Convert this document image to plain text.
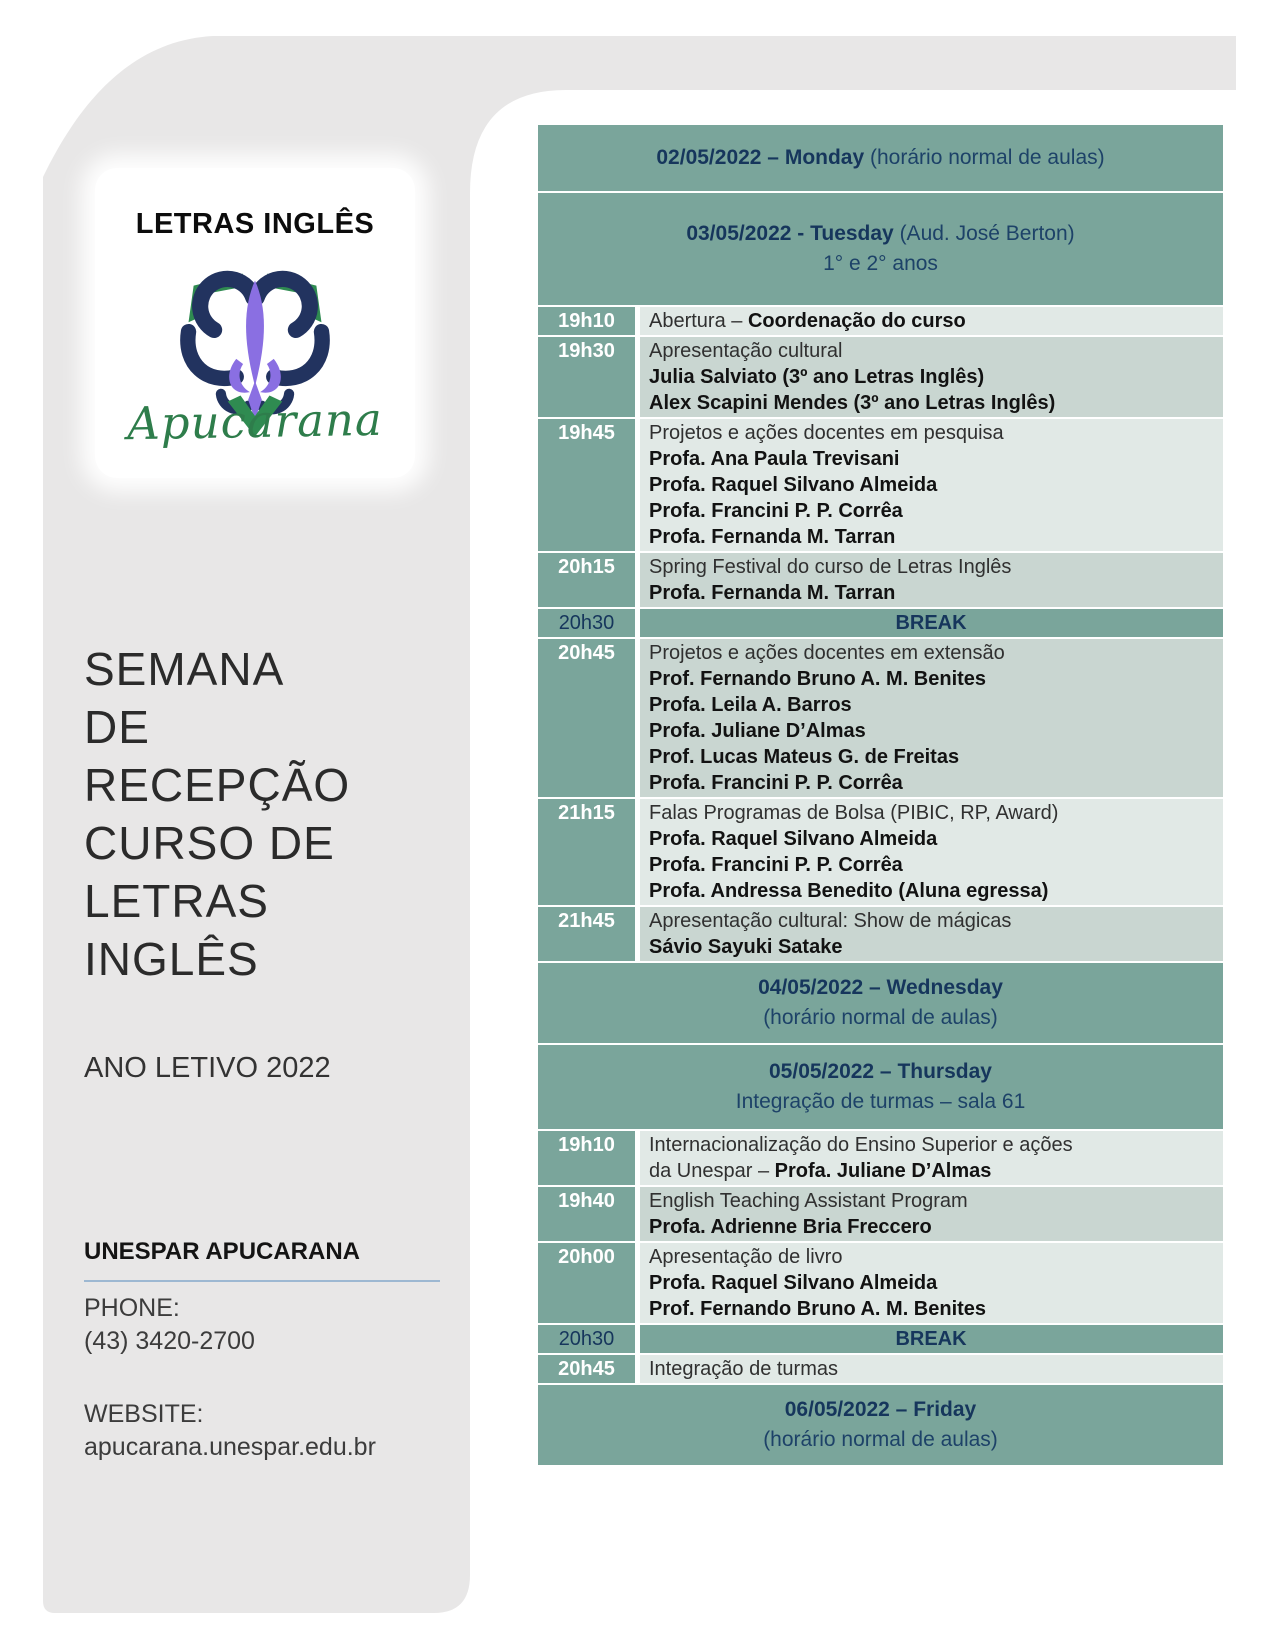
LETRAS INGLÊS
Apucarana
SEMANA
DE
RECEPÇÃO
CURSO DE
LETRAS
INGLÊS
ANO LETIVO 2022
UNESPAR APUCARANA
PHONE:
(43) 3420-2700
WEBSITE:
apucarana.unespar.edu.br
02/05/2022 – Monday (horário normal de aulas)
03/05/2022 - Tuesday (Aud. José Berton)
1° e 2° anos
19h10	Abertura – Coordenação do curso
19h30	Apresentação cultural
Julia Salviato (3º ano Letras Inglês)
Alex Scapini Mendes (3º ano Letras Inglês)
19h45	Projetos e ações docentes em pesquisa
Profa. Ana Paula Trevisani
Profa. Raquel Silvano Almeida
Profa. Francini P. P. Corrêa
Profa. Fernanda M. Tarran
20h15	Spring Festival do curso de Letras Inglês
Profa. Fernanda M. Tarran
20h30	BREAK
20h45	Projetos e ações docentes em extensão
Prof. Fernando Bruno A. M. Benites
Profa. Leila A. Barros
Profa. Juliane D’Almas
Prof. Lucas Mateus G. de Freitas
Profa. Francini P. P. Corrêa
21h15	Falas Programas de Bolsa (PIBIC, RP, Award)
Profa. Raquel Silvano Almeida
Profa. Francini P. P. Corrêa
Profa. Andressa Benedito (Aluna egressa)
21h45	Apresentação cultural: Show de mágicas
Sávio Sayuki Satake
04/05/2022 – Wednesday
(horário normal de aulas)
05/05/2022 – Thursday
Integração de turmas – sala 61
19h10	Internacionalização do Ensino Superior e ações
da Unespar – Profa. Juliane D’Almas
19h40	English Teaching Assistant Program
Profa. Adrienne Bria Freccero
20h00	Apresentação de livro
Profa. Raquel Silvano Almeida
Prof. Fernando Bruno A. M. Benites
20h30	BREAK
20h45	Integração de turmas
06/05/2022 – Friday
(horário normal de aulas)
